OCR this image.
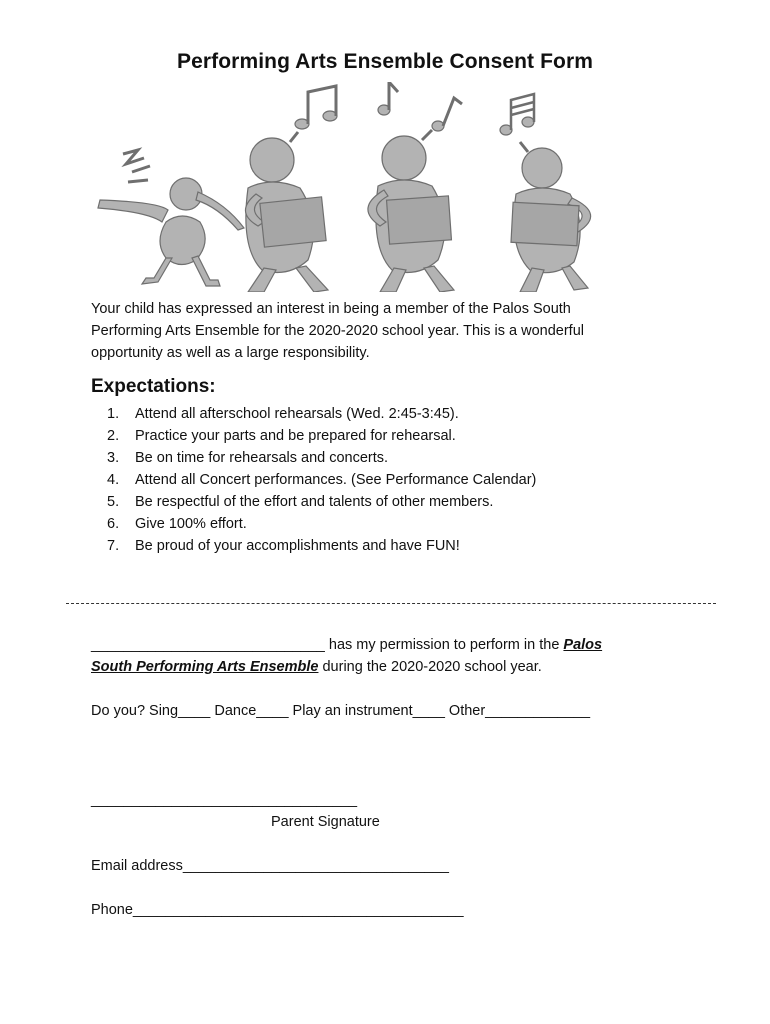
Performing Arts Ensemble Consent Form
Your child has expressed an interest in being a member of the Palos South
Performing Arts Ensemble for the 2020-2020 school year. This is a wonderful
opportunity as well as a large responsibility.
Expectations:
1. Attend all afterschool rehearsals (Wed. 2:45-3:45).
2. Practice your parts and be prepared for rehearsal.
3. Be on time for rehearsals and concerts.
4. Attend all Concert performances. (See Performance Calendar)
5. Be respectful of the effort and talents of other members.
6. Give 100% effort.
7. Be proud of your accomplishments and have FUN!
_____________________________ has my permission to perform in the Palos
South Performing Arts Ensemble during the 2020-2020 school year.
Do you? Sing____ Dance____ Play an instrument____ Other_____________
_________________________________
Parent Signature
Email address_________________________________
Phone_________________________________________
